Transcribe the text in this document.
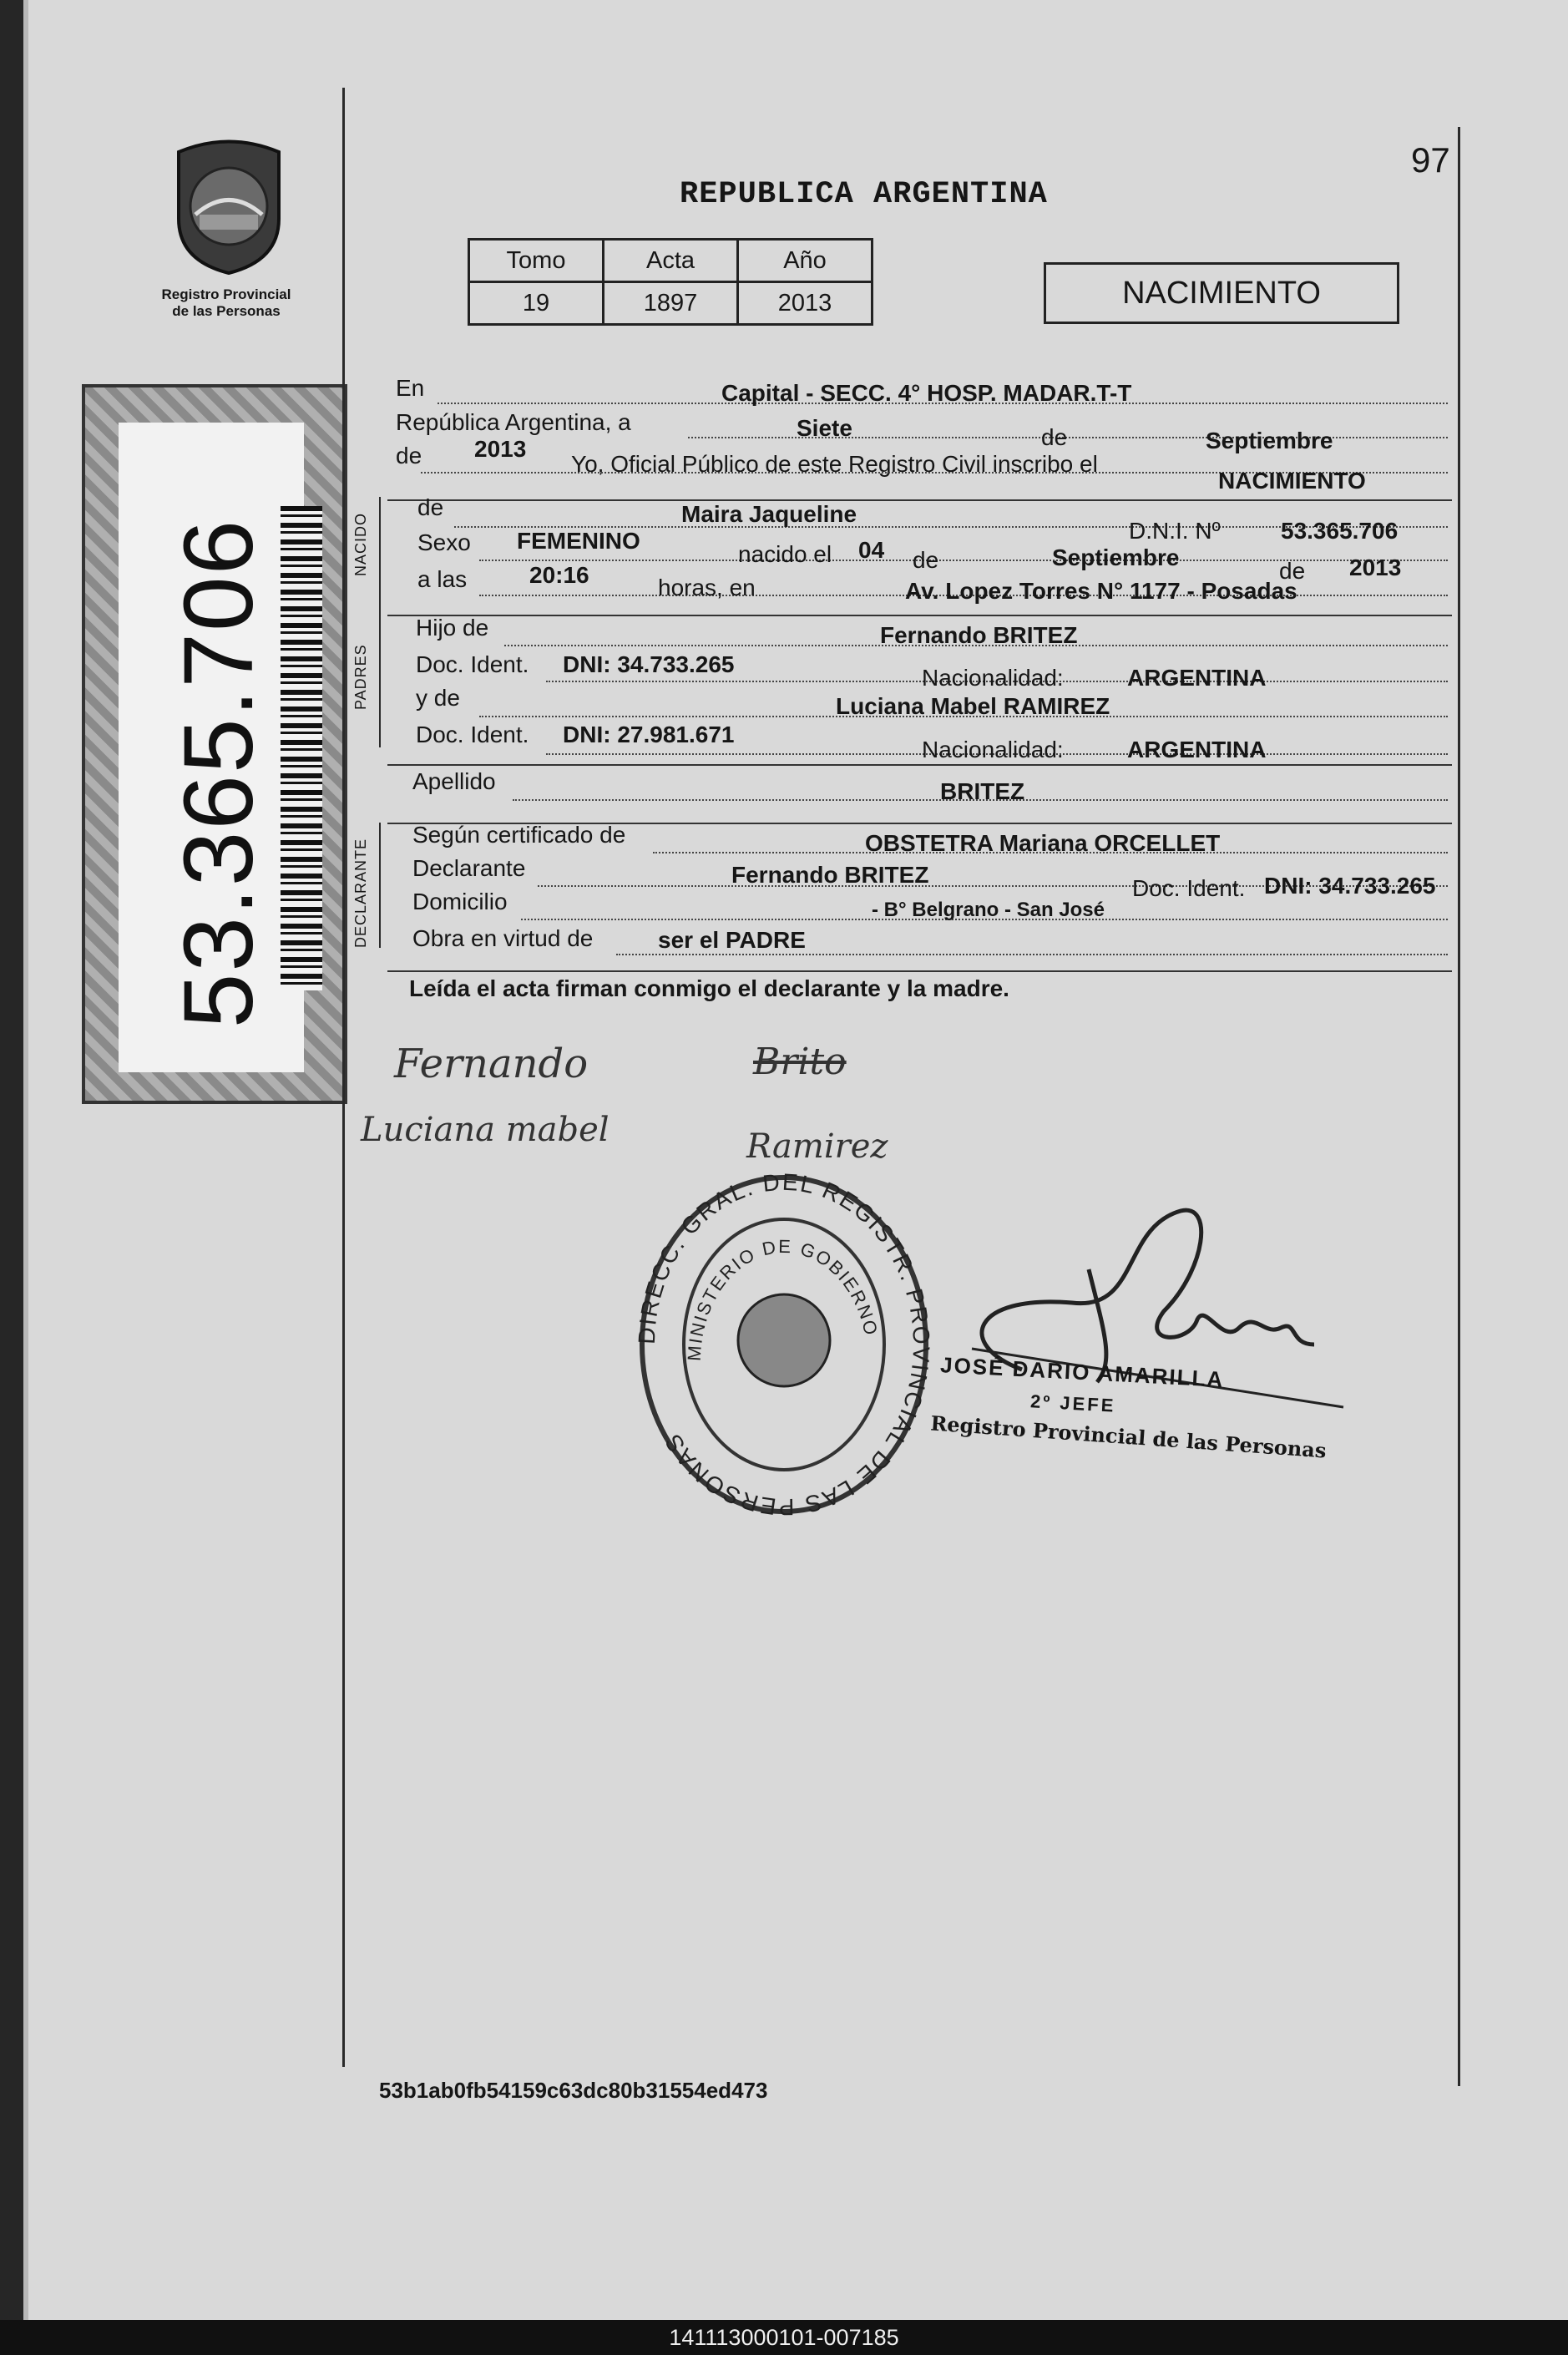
Registro Provincial
de las Personas
53.365.706
97
REPUBLICA ARGENTINA
Tomo	Acta	Año
19	1897	2013	NACIMIENTO
NACIDO
PADRES
DECLARANTE
En	Capital - SECC. 4° HOSP. MADAR.T-T
República Argentina, a	Siete	de	Septiembre
de 2013
Yo, Oficial Público de este Registro Civil inscribo el
NACIMIENTO
de	Maira Jaqueline
D.N.I. Nº	53.365.706
Sexo FEMENINO
nacido el 04 de	Septiembre
de 2013
a las	20:16	horas, en	Av. Lopez Torres N° 1177 - Posadas
Hijo de	Fernando BRITEZ
Doc. Ident. DNI: 34.733.265
Nacionalidad:	ARGENTINA
y de	Luciana Mabel RAMIREZ
Doc. Ident. DNI: 27.981.671
Nacionalidad:	ARGENTINA
Apellido	BRITEZ
Según certificado de	OBSTETRA Mariana ORCELLET
Declarante	Fernando BRITEZ
Doc. Ident. DNI: 34.733.265
Domicilio	- B° Belgrano - San José
Obra en virtud de	ser el PADRE
Leída el acta firman conmigo el declarante y la madre.
Fernando	Brito
Luciana mabel	Ramirez
DIRECC. GRAL. DEL REGISTR. PROVINCIAL DE LAS PERSONAS
MINISTERIO DE GOBIERNO
JOSÉ DARIO AMARILLA
2º JEFE
Registro Provincial de las Personas
53b1ab0fb54159c63dc80b31554ed473
141113000101-007185
